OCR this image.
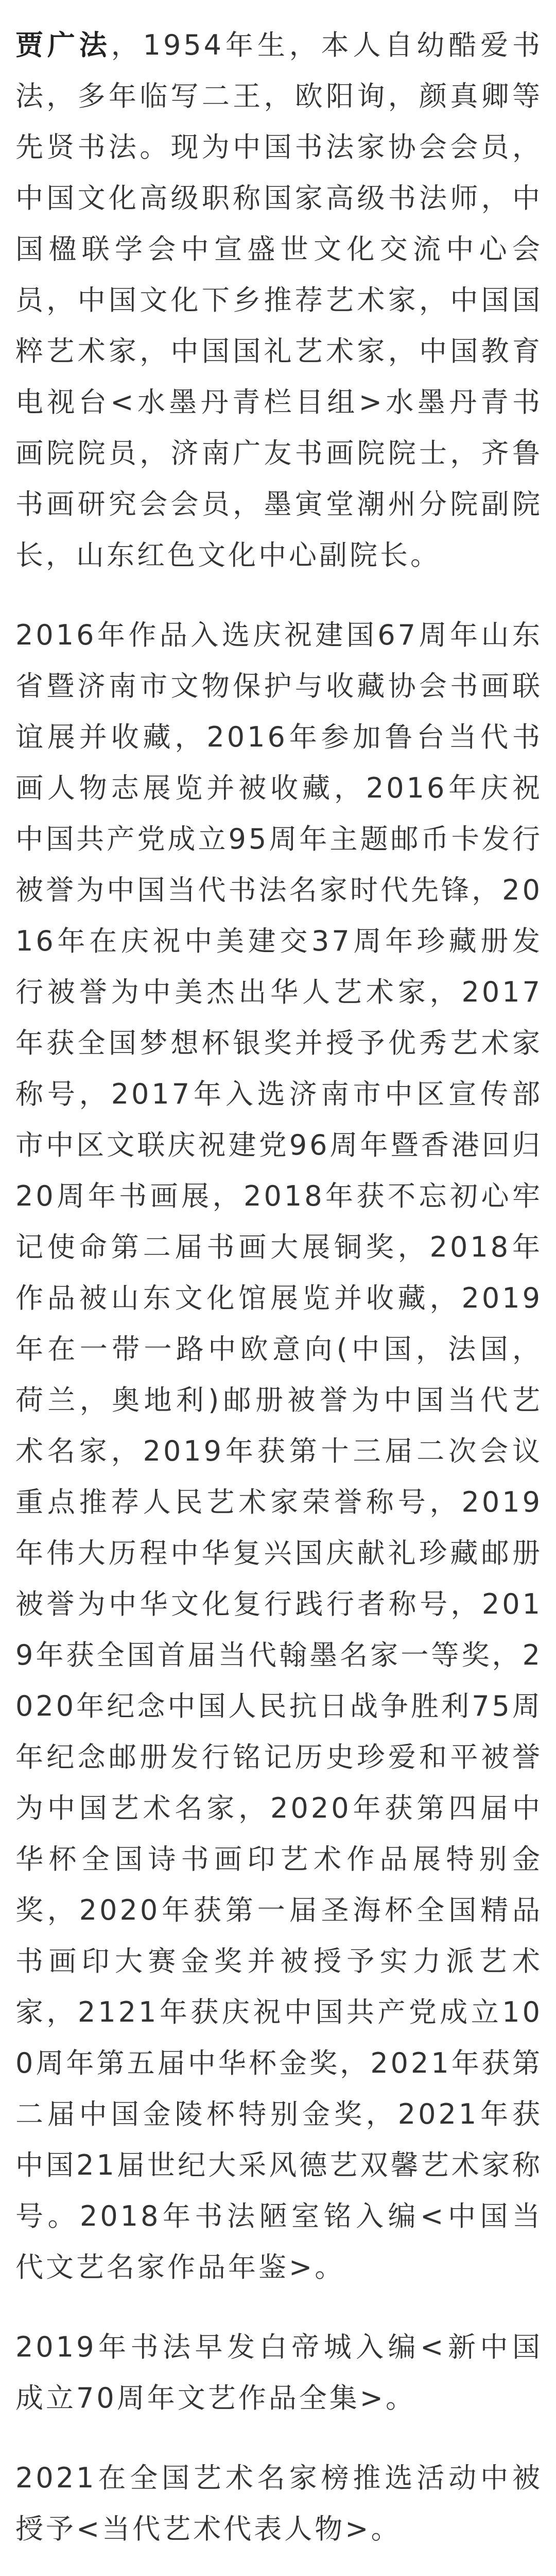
贾广法，1954年生，本人自幼酷爱书法，多年临写二王，欧阳询，颜真卿等先贤书法。现为中国书法家协会会员，中国文化高级职称国家高级书法师，中国楹联学会中宣盛世文化交流中心会员，中国文化下乡推荐艺术家，中国国粹艺术家，中国国礼艺术家，中国教育电视台<水墨丹青栏目组>水墨丹青书画院院员，济南广友书画院院士，齐鲁书画研究会会员，墨寅堂潮州分院副院长，山东红色文化中心副院长。

2016年作品入选庆祝建国67周年山东省暨济南市文物保护与收藏协会书画联谊展并收藏，2016年参加鲁台当代书画人物志展览并被收藏，2016年庆祝中国共产党成立95周年主题邮币卡发行被誉为中国当代书法名家时代先锋，2016年在庆祝中美建交37周年珍藏册发行被誉为中美杰出华人艺术家，2017年获全国梦想杯银奖并授予优秀艺术家称号，2017年入选济南市中区宣传部市中区文联庆祝建党96周年暨香港回归20周年书画展，2018年获不忘初心牢记使命第二届书画大展铜奖，2018年作品被山东文化馆展览并收藏，2019年在一带一路中欧意向(中国，法国，荷兰，奥地利)邮册被誉为中国当代艺术名家，2019年获第十三届二次会议重点推荐人民艺术家荣誉称号，2019年伟大历程中华复兴国庆献礼珍藏邮册被誉为中华文化复行践行者称号，2019年获全国首届当代翰墨名家一等奖，2020年纪念中国人民抗日战争胜利75周年纪念邮册发行铭记历史珍爱和平被誉为中国艺术名家，2020年获第四届中华杯全国诗书画印艺术作品展特别金奖，2020年获第一届圣海杯全国精品书画印大赛金奖并被授予实力派艺术家，2121年获庆祝中国共产党成立100周年第五届中华杯金奖，2021年获第二届中国金陵杯特别金奖，2021年获中国21届世纪大采风德艺双馨艺术家称号。2018年书法陋室铭入编<中国当代文艺名家作品年鉴>。

2019年书法早发白帝城入编<新中国成立70周年文艺作品全集>。

2021在全国艺术名家榜推选活动中被授予<当代艺术代表人物>。
